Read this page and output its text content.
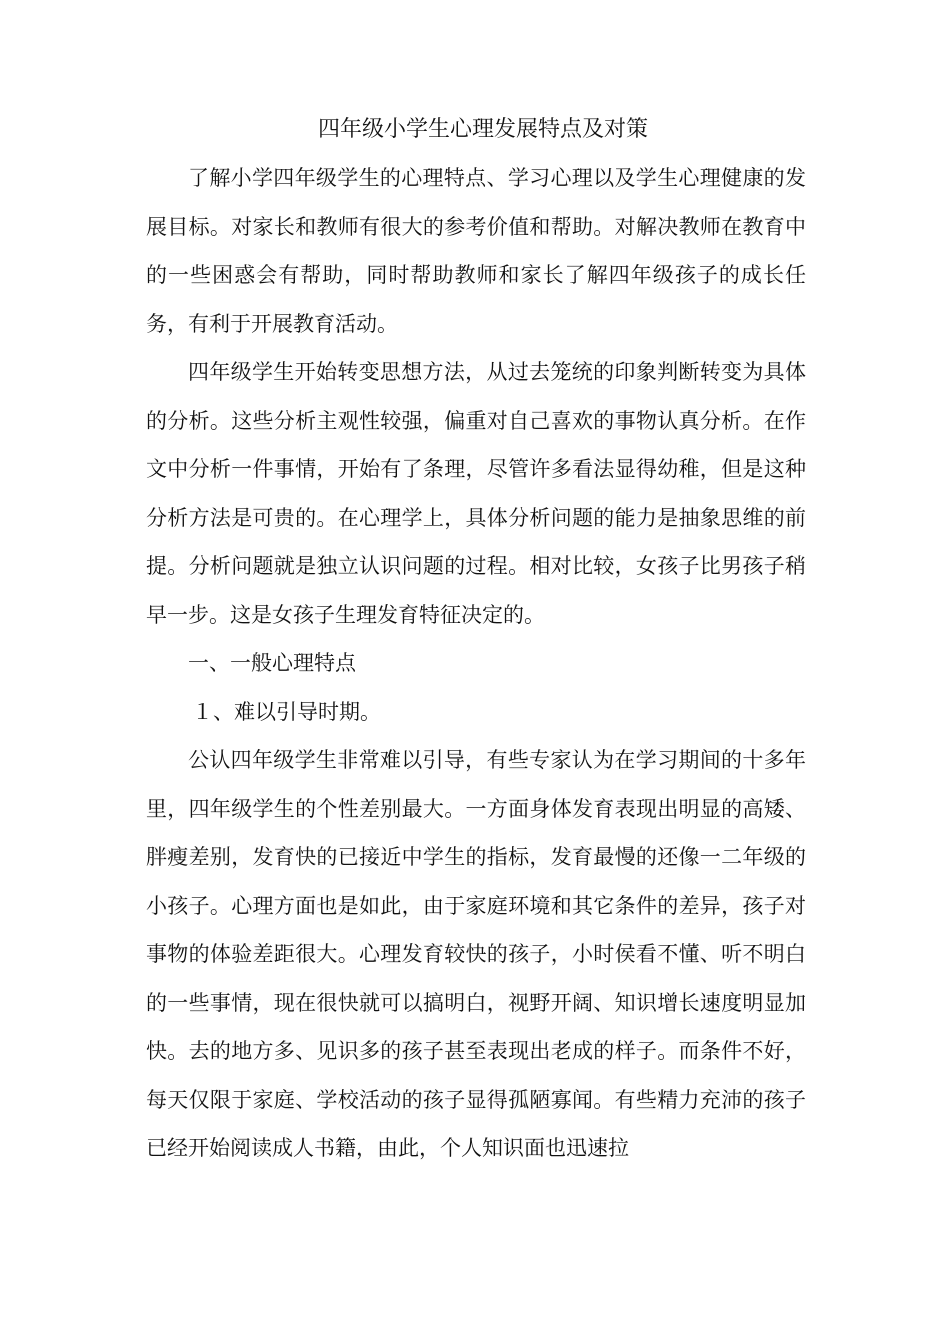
四年级小学生心理发展特点及对策

了解小学四年级学生的心理特点、学习心理以及学生心理健康的发展目标。对家长和教师有很大的参考价值和帮助。对解决教师在教育中的一些困惑会有帮助，同时帮助教师和家长了解四年级孩子的成长任务，有利于开展教育活动。

四年级学生开始转变思想方法，从过去笼统的印象判断转变为具体的分析。这些分析主观性较强，偏重对自己喜欢的事物认真分析。在作文中分析一件事情，开始有了条理，尽管许多看法显得幼稚，但是这种分析方法是可贵的。在心理学上，具体分析问题的能力是抽象思维的前提。分析问题就是独立认识问题的过程。相对比较，女孩子比男孩子稍早一步。这是女孩子生理发育特征决定的。

一、一般心理特点

１、难以引导时期。

公认四年级学生非常难以引导，有些专家认为在学习期间的十多年里，四年级学生的个性差别最大。一方面身体发育表现出明显的高矮、胖瘦差别，发育快的已接近中学生的指标，发育最慢的还像一二年级的小孩子。心理方面也是如此，由于家庭环境和其它条件的差异，孩子对事物的体验差距很大。心理发育较快的孩子，小时侯看不懂、听不明白的一些事情，现在很快就可以搞明白，视野开阔、知识增长速度明显加快。去的地方多、见识多的孩子甚至表现出老成的样子。而条件不好，每天仅限于家庭、学校活动的孩子显得孤陋寡闻。有些精力充沛的孩子已经开始阅读成人书籍，由此，个人知识面也迅速拉
